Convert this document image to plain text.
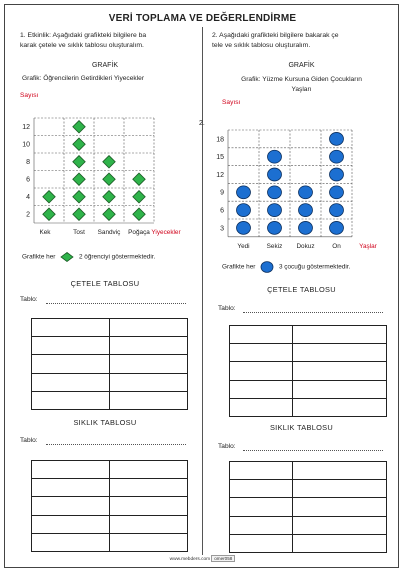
VERİ TOPLAMA VE DEĞERLENDİRME
1. Etkinlik: Aşağıdaki grafikteki bilgilere ba
karak çetele ve sıklık tablosu oluşturalım.
GRAFİK
Grafik: Öğrencilerin Getirdikleri Yiyecekler
Sayısı
2
4
6
8
10
12
Kek	Tost Sandviç Poğaça Yiyecekler
Grafikte her	2 öğrenciyi göstermektedir.
ÇETELE TABLOSU
Tablo:

SIKLIK TABLOSU
Tablo:

2. Aşağıdaki grafikteki bilgilere bakarak çe
tele ve sıklık tablosu oluşturalım.
GRAFİK
Grafik: Yüzme Kursuna Giden Çocukların
Yaşları
Sayısı
2.
3
6
9
12
15
18
Yedi	Sekiz Dokuz	On	Yaşlar
Grafikte her	3 çocuğu göstermektedir.
ÇETELE TABLOSU
Tablo:

SIKLIK TABLOSU
Tablo:

www.mebders.com omer058
